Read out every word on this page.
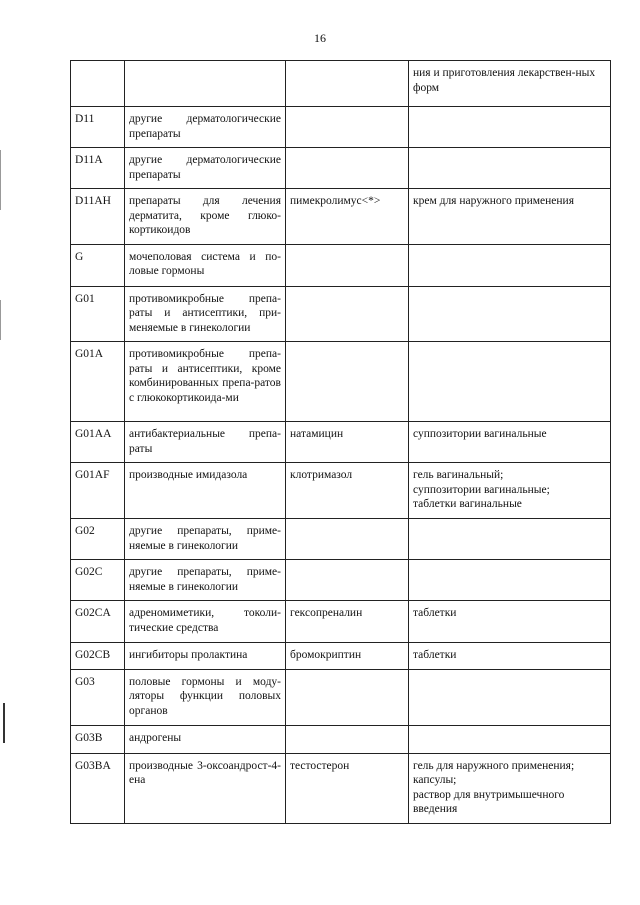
16
			ния и приготовления лекарствен-ных форм
D11	другие дерматологические препараты		
D11A	другие дерматологические препараты		
D11AH	препараты для лечения дерматита, кроме глюко-кортикоидов	пимекролимус<*>	крем для наружного применения
G	мочеполовая система и по-ловые гормоны		
G01	противомикробные препа-раты и антисептики, при-меняемые в гинекологии		
G01A	противомикробные препа-раты и антисептики, кроме комбинированных препа-ратов с глюкокортикоида-ми		
G01AA	антибактериальные препа-раты	натамицин	суппозитории вагинальные
G01AF	производные имидазола	клотримазол	гель вагинальный;
суппозитории вагинальные;
таблетки вагинальные

G02	другие препараты, приме-няемые в гинекологии		
G02C	другие препараты, приме-няемые в гинекологии		
G02CA	адреномиметики, токоли-тические средства	гексопреналин	таблетки
G02CB	ингибиторы пролактина	бромокриптин	таблетки
G03	половые гормоны и моду-ляторы функции половых органов		
G03B	андрогены		
G03BA	производные 3-оксоандрост-4-ена	тестостерон	гель для наружного применения;
капсулы;
раствор для внутримышечного введения
